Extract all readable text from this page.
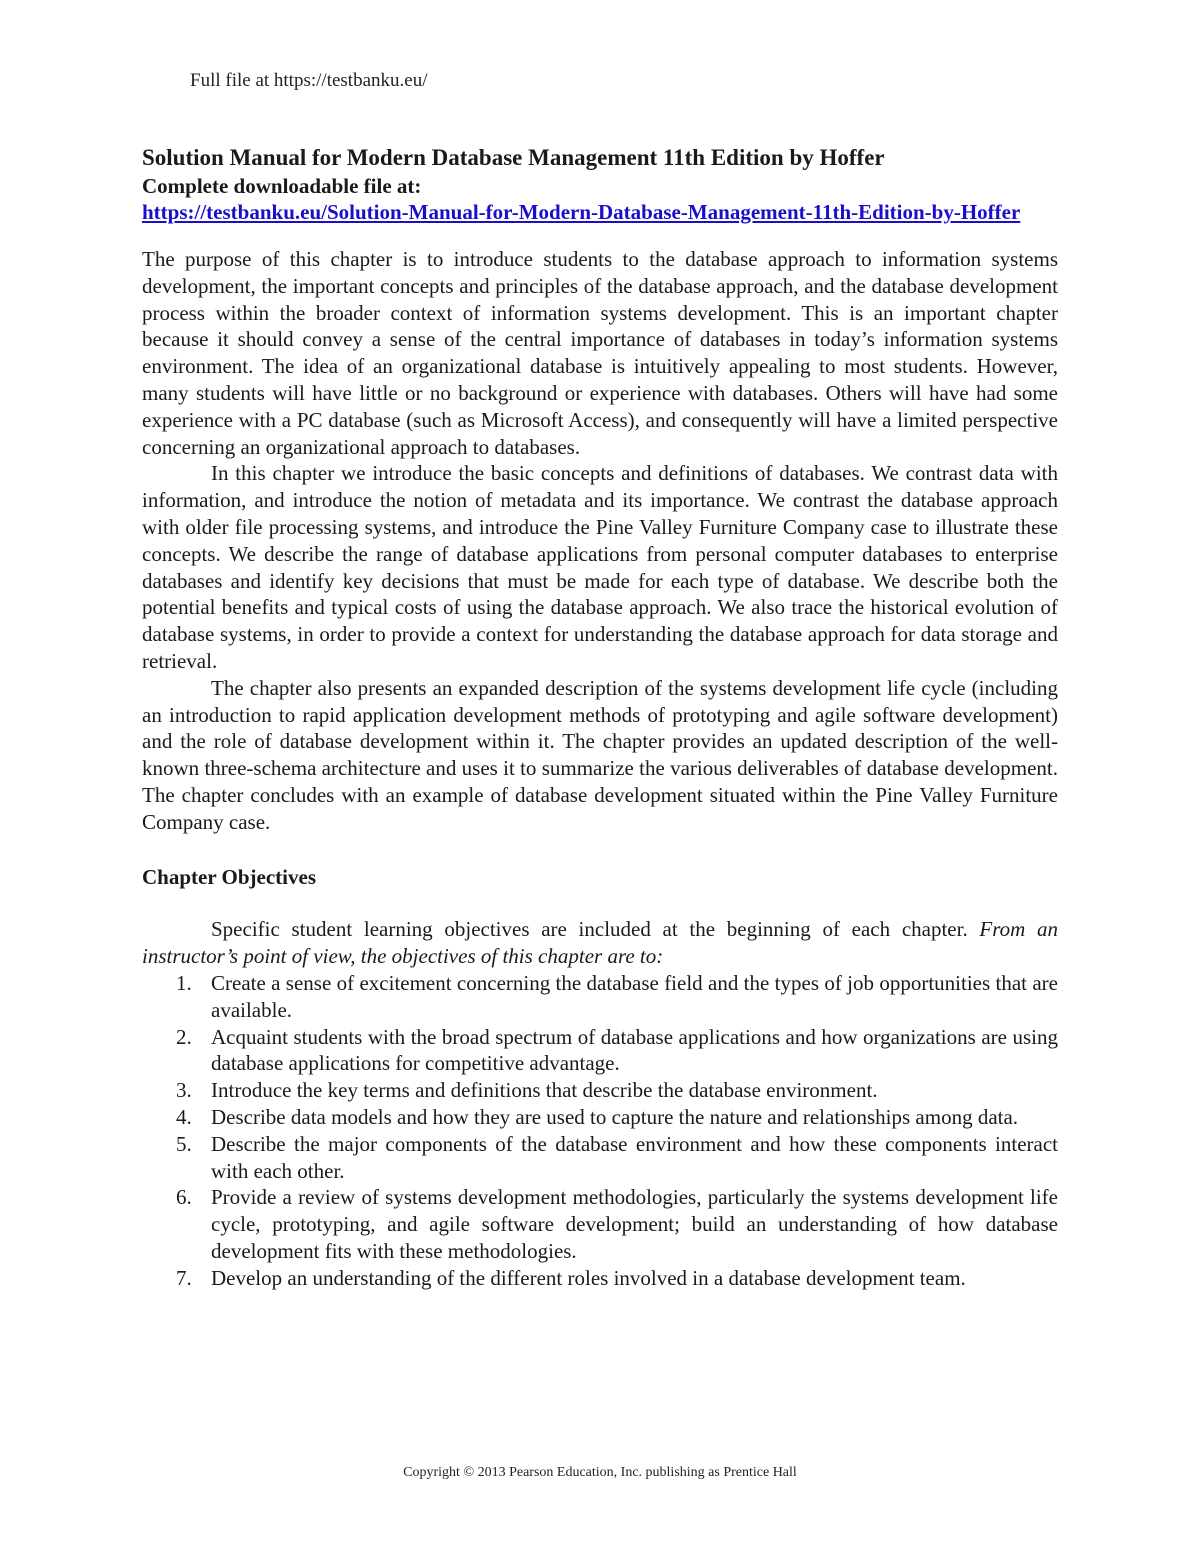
Full file at https://testbanku.eu/
Solution Manual for Modern Database Management 11th Edition by Hoffer
Complete downloadable file at:
https://testbanku.eu/Solution-Manual-for-Modern-Database-Management-11th-Edition-by-Hoffer

The purpose of this chapter is to introduce students to the database approach to information systems development, the important concepts and principles of the database approach, and the database development process within the broader context of information systems development. This is an important chapter because it should convey a sense of the central importance of databases in today’s information systems environment. The idea of an organizational database is intuitively appealing to most students. However, many students will have little or no background or experience with databases. Others will have had some experience with a PC database (such as Microsoft Access), and consequently will have a limited perspective concerning an organizational approach to databases.

In this chapter we introduce the basic concepts and definitions of databases. We contrast data with information, and introduce the notion of metadata and its importance. We contrast the database approach with older file processing systems, and introduce the Pine Valley Furniture Company case to illustrate these concepts. We describe the range of database applications from personal computer databases to enterprise databases and identify key decisions that must be made for each type of database. We describe both the potential benefits and typical costs of using the database approach. We also trace the historical evolution of database systems, in order to provide a context for understanding the database approach for data storage and retrieval.

The chapter also presents an expanded description of the systems development life cycle (including an introduction to rapid application development methods of prototyping and agile software development) and the role of database development within it. The chapter provides an updated description of the well-known three-schema architecture and uses it to summarize the various deliverables of database development. The chapter concludes with an example of database development situated within the Pine Valley Furniture Company case.

Chapter Objectives

Specific student learning objectives are included at the beginning of each chapter. From an instructor’s point of view, the objectives of this chapter are to:

1. Create a sense of excitement concerning the database field and the types of job opportunities that are available.
2. Acquaint students with the broad spectrum of database applications and how organizations are using database applications for competitive advantage.
3. Introduce the key terms and definitions that describe the database environment.
4. Describe data models and how they are used to capture the nature and relationships among data.
5. Describe the major components of the database environment and how these components interact with each other.
6. Provide a review of systems development methodologies, particularly the systems development life cycle, prototyping, and agile software development; build an understanding of how database development fits with these methodologies.
7. Develop an understanding of the different roles involved in a database development team.
Copyright © 2013 Pearson Education, Inc. publishing as Prentice Hall
